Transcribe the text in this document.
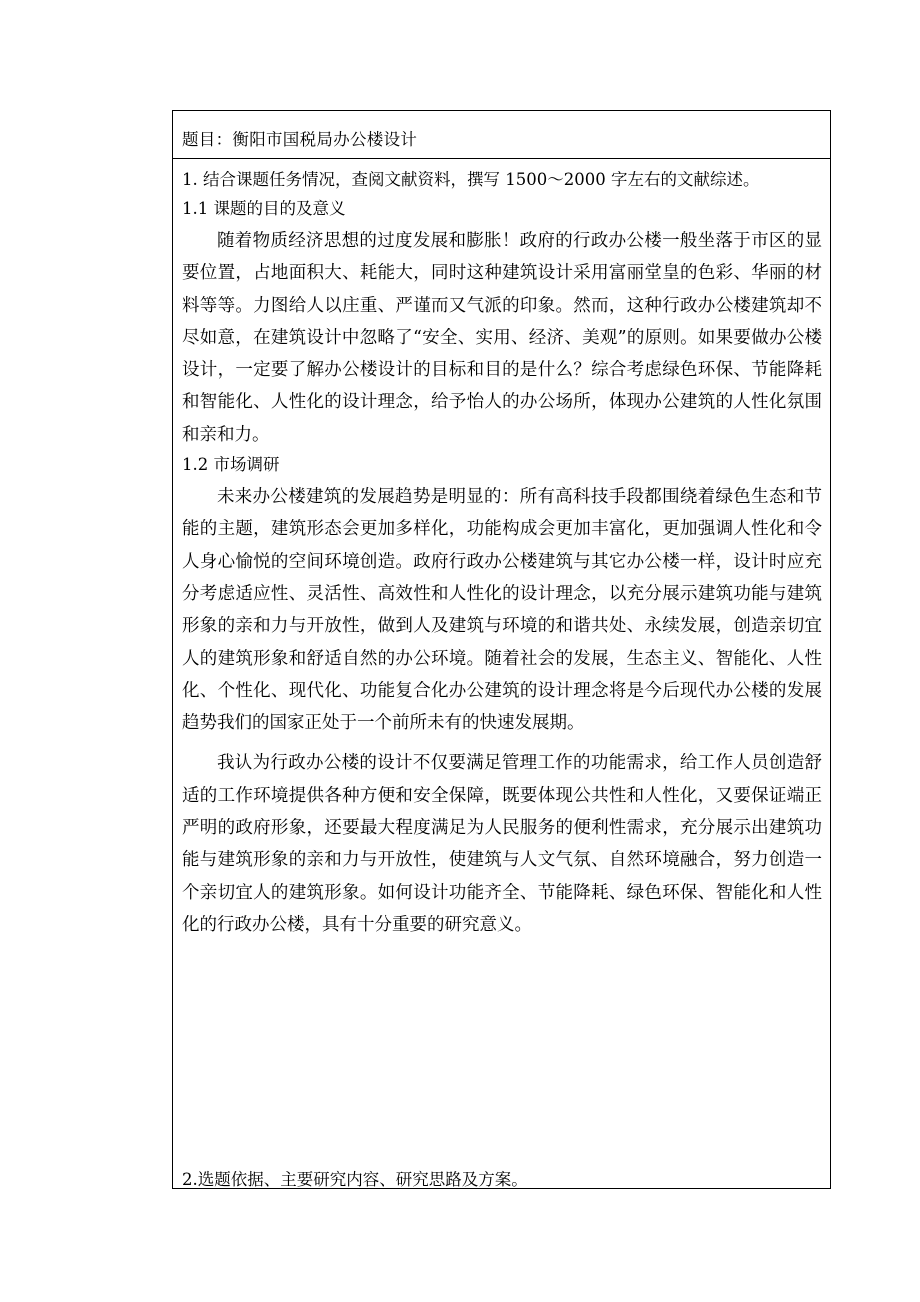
题目：衡阳市国税局办公楼设计
1. 结合课题任务情况，查阅文献资料，撰写 1500～2000 字左右的文献综述。
1.1 课题的目的及意义

随着物质经济思想的过度发展和膨胀！政府的行政办公楼一般坐落于市区的显要位置，占地面积大、耗能大，同时这种建筑设计采用富丽堂皇的色彩、华丽的材料等等。力图给人以庄重、严谨而又气派的印象。然而，这种行政办公楼建筑却不尽如意，在建筑设计中忽略了“安全、实用、经济、美观”的原则。如果要做办公楼设计，一定要了解办公楼设计的目标和目的是什么？综合考虑绿色环保、节能降耗和智能化、人性化的设计理念，给予怡人的办公场所，体现办公建筑的人性化氛围和亲和力。

1.2 市场调研

未来办公楼建筑的发展趋势是明显的：所有高科技手段都围绕着绿色生态和节能的主题，建筑形态会更加多样化，功能构成会更加丰富化，更加强调人性化和令人身心愉悦的空间环境创造。政府行政办公楼建筑与其它办公楼一样，设计时应充分考虑适应性、灵活性、高效性和人性化的设计理念，以充分展示建筑功能与建筑形象的亲和力与开放性，做到人及建筑与环境的和谐共处、永续发展，创造亲切宜人的建筑形象和舒适自然的办公环境。随着社会的发展，生态主义、智能化、人性化、个性化、现代化、功能复合化办公建筑的设计理念将是今后现代办公楼的发展趋势我们的国家正处于一个前所未有的快速发展期。

我认为行政办公楼的设计不仅要满足管理工作的功能需求，给工作人员创造舒适的工作环境提供各种方便和安全保障，既要体现公共性和人性化，又要保证端正严明的政府形象，还要最大程度满足为人民服务的便利性需求，充分展示出建筑功能与建筑形象的亲和力与开放性，使建筑与人文气氛、自然环境融合，努力创造一个亲切宜人的建筑形象。如何设计功能齐全、节能降耗、绿色环保、智能化和人性化的行政办公楼，具有十分重要的研究意义。

2.选题依据、主要研究内容、研究思路及方案。
